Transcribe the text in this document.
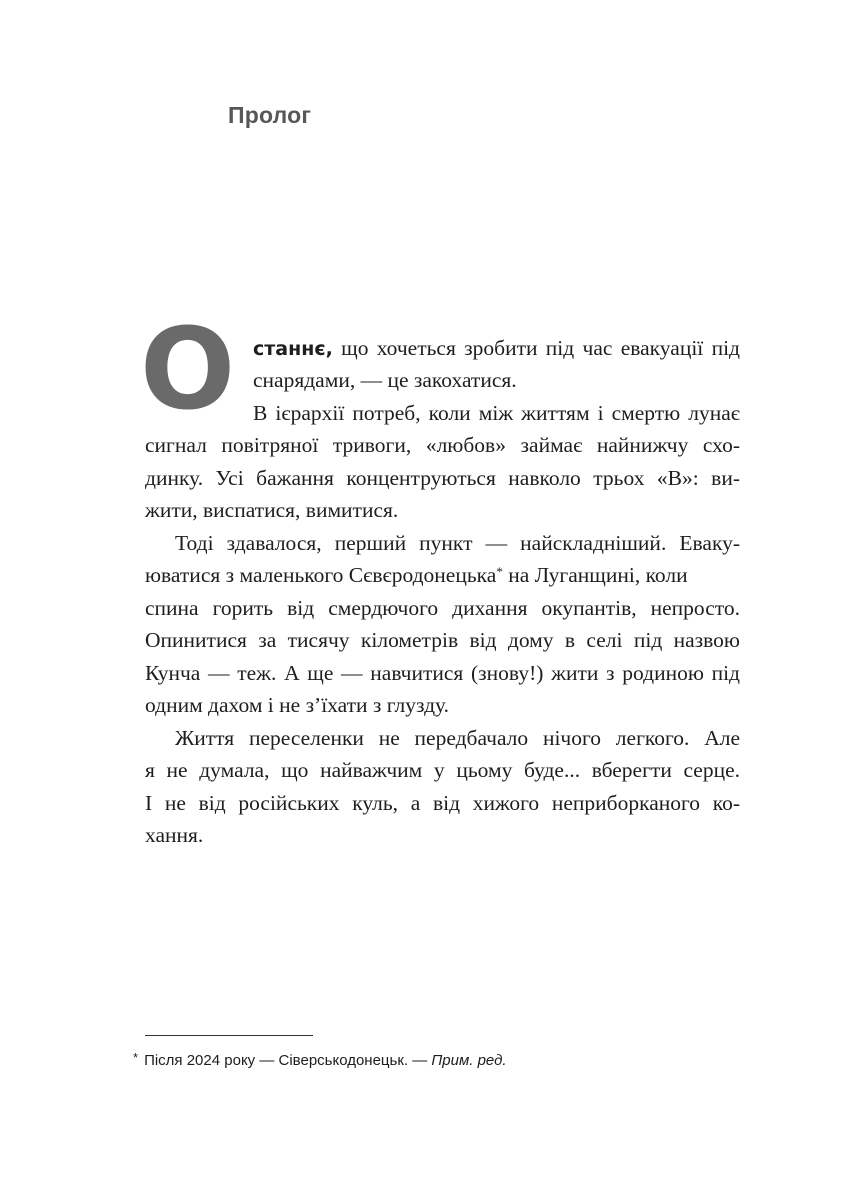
Пролог
О станнє, що хочеться зробити під час евакуації під
снарядами, — це закохатися.
В ієрархії потреб, коли між життям і смертю лунає
сигнал повітряної тривоги, «любов» займає найнижчу схо-
динку. Усі бажання концентруються навколо трьох «В»: ви-
жити, виспатися, вимитися.
Тоді здавалося, перший пункт — найскладніший. Еваку-
юватися з маленького Сєвєродонецька* на Луганщині, коли
спина горить від смердючого дихання окупантів, непросто.
Опинитися за тисячу кілометрів від дому в селі під назвою
Кунча — теж. А ще — навчитися (знову!) жити з родиною під
одним дахом і не з’їхати з глузду.
Життя переселенки не передбачало нічого легкого. Але
я не думала, що найважчим у цьому буде... вберегти серце.
І не від російських куль, а від хижого неприборканого ко-
хання.
* Після 2024 року — Сіверськодонецьк. — Прим. ред.
